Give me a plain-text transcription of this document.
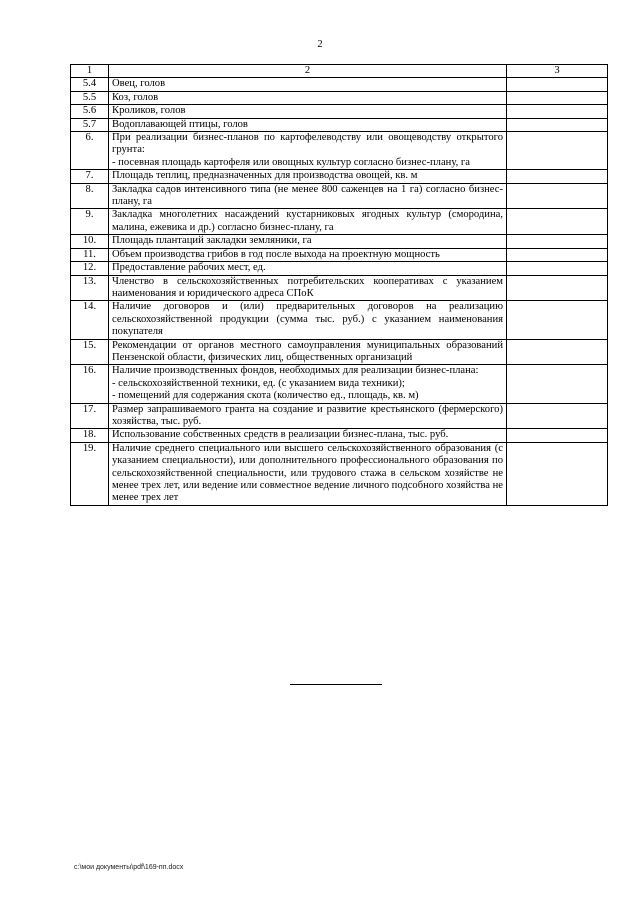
2
1	2	3
5.4	Овец, голов	

5.5	Коз, голов	

5.6	Кроликов, голов	

5.7	Водоплавающей птицы, голов	

6.	При реализации бизнес-планов по картофелеводству или овощеводству открытого грунта:
- посевная площадь картофеля или овощных культур согласно бизнес-плану, га	

7.	Площадь теплиц, предназначенных для производства овощей, кв. м	

8.	Закладка садов интенсивного типа (не менее 800 саженцев на 1 га) согласно бизнес-плану, га	

9.	Закладка многолетних насаждений кустарниковых ягодных культур (смородина, малина, ежевика и др.) согласно бизнес-плану, га	

10.	Площадь плантаций закладки земляники, га	

11.	Объем производства грибов в год после выхода на проектную мощность	

12.	Предоставление рабочих мест, ед.	

13.	Членство в сельскохозяйственных потребительских кооперативах с указанием наименования и юридического адреса СПоК	

14.	Наличие договоров и (или) предварительных договоров на реализацию сельскохозяйственной продукции (сумма тыс. руб.) с указанием наименования покупателя	

15.	Рекомендации от органов местного самоуправления муниципальных образований Пензенской области, физических лиц, общественных организаций	

16.	Наличие производственных фондов, необходимых для реализации бизнес-плана:
- сельскохозяйственной техники, ед. (с указанием вида техники);
- помещений для содержания скота (количество ед., площадь, кв. м)	

17.	Размер запрашиваемого гранта на создание и развитие крестьянского (фермерского) хозяйства, тыс. руб.	

18.	Использование собственных средств в реализации бизнес-плана, тыс. руб.	

19.	Наличие среднего специального или высшего сельскохозяйственного образования (с указанием специальности), или дополнительного профессионального образования по сельскохозяйственной специальности, или трудового стажа в сельском хозяйстве не менее трех лет, или ведение или совместное ведение личного подсобного хозяйства не менее трех лет	

c:\мои документы\pdf\169-пп.docx
